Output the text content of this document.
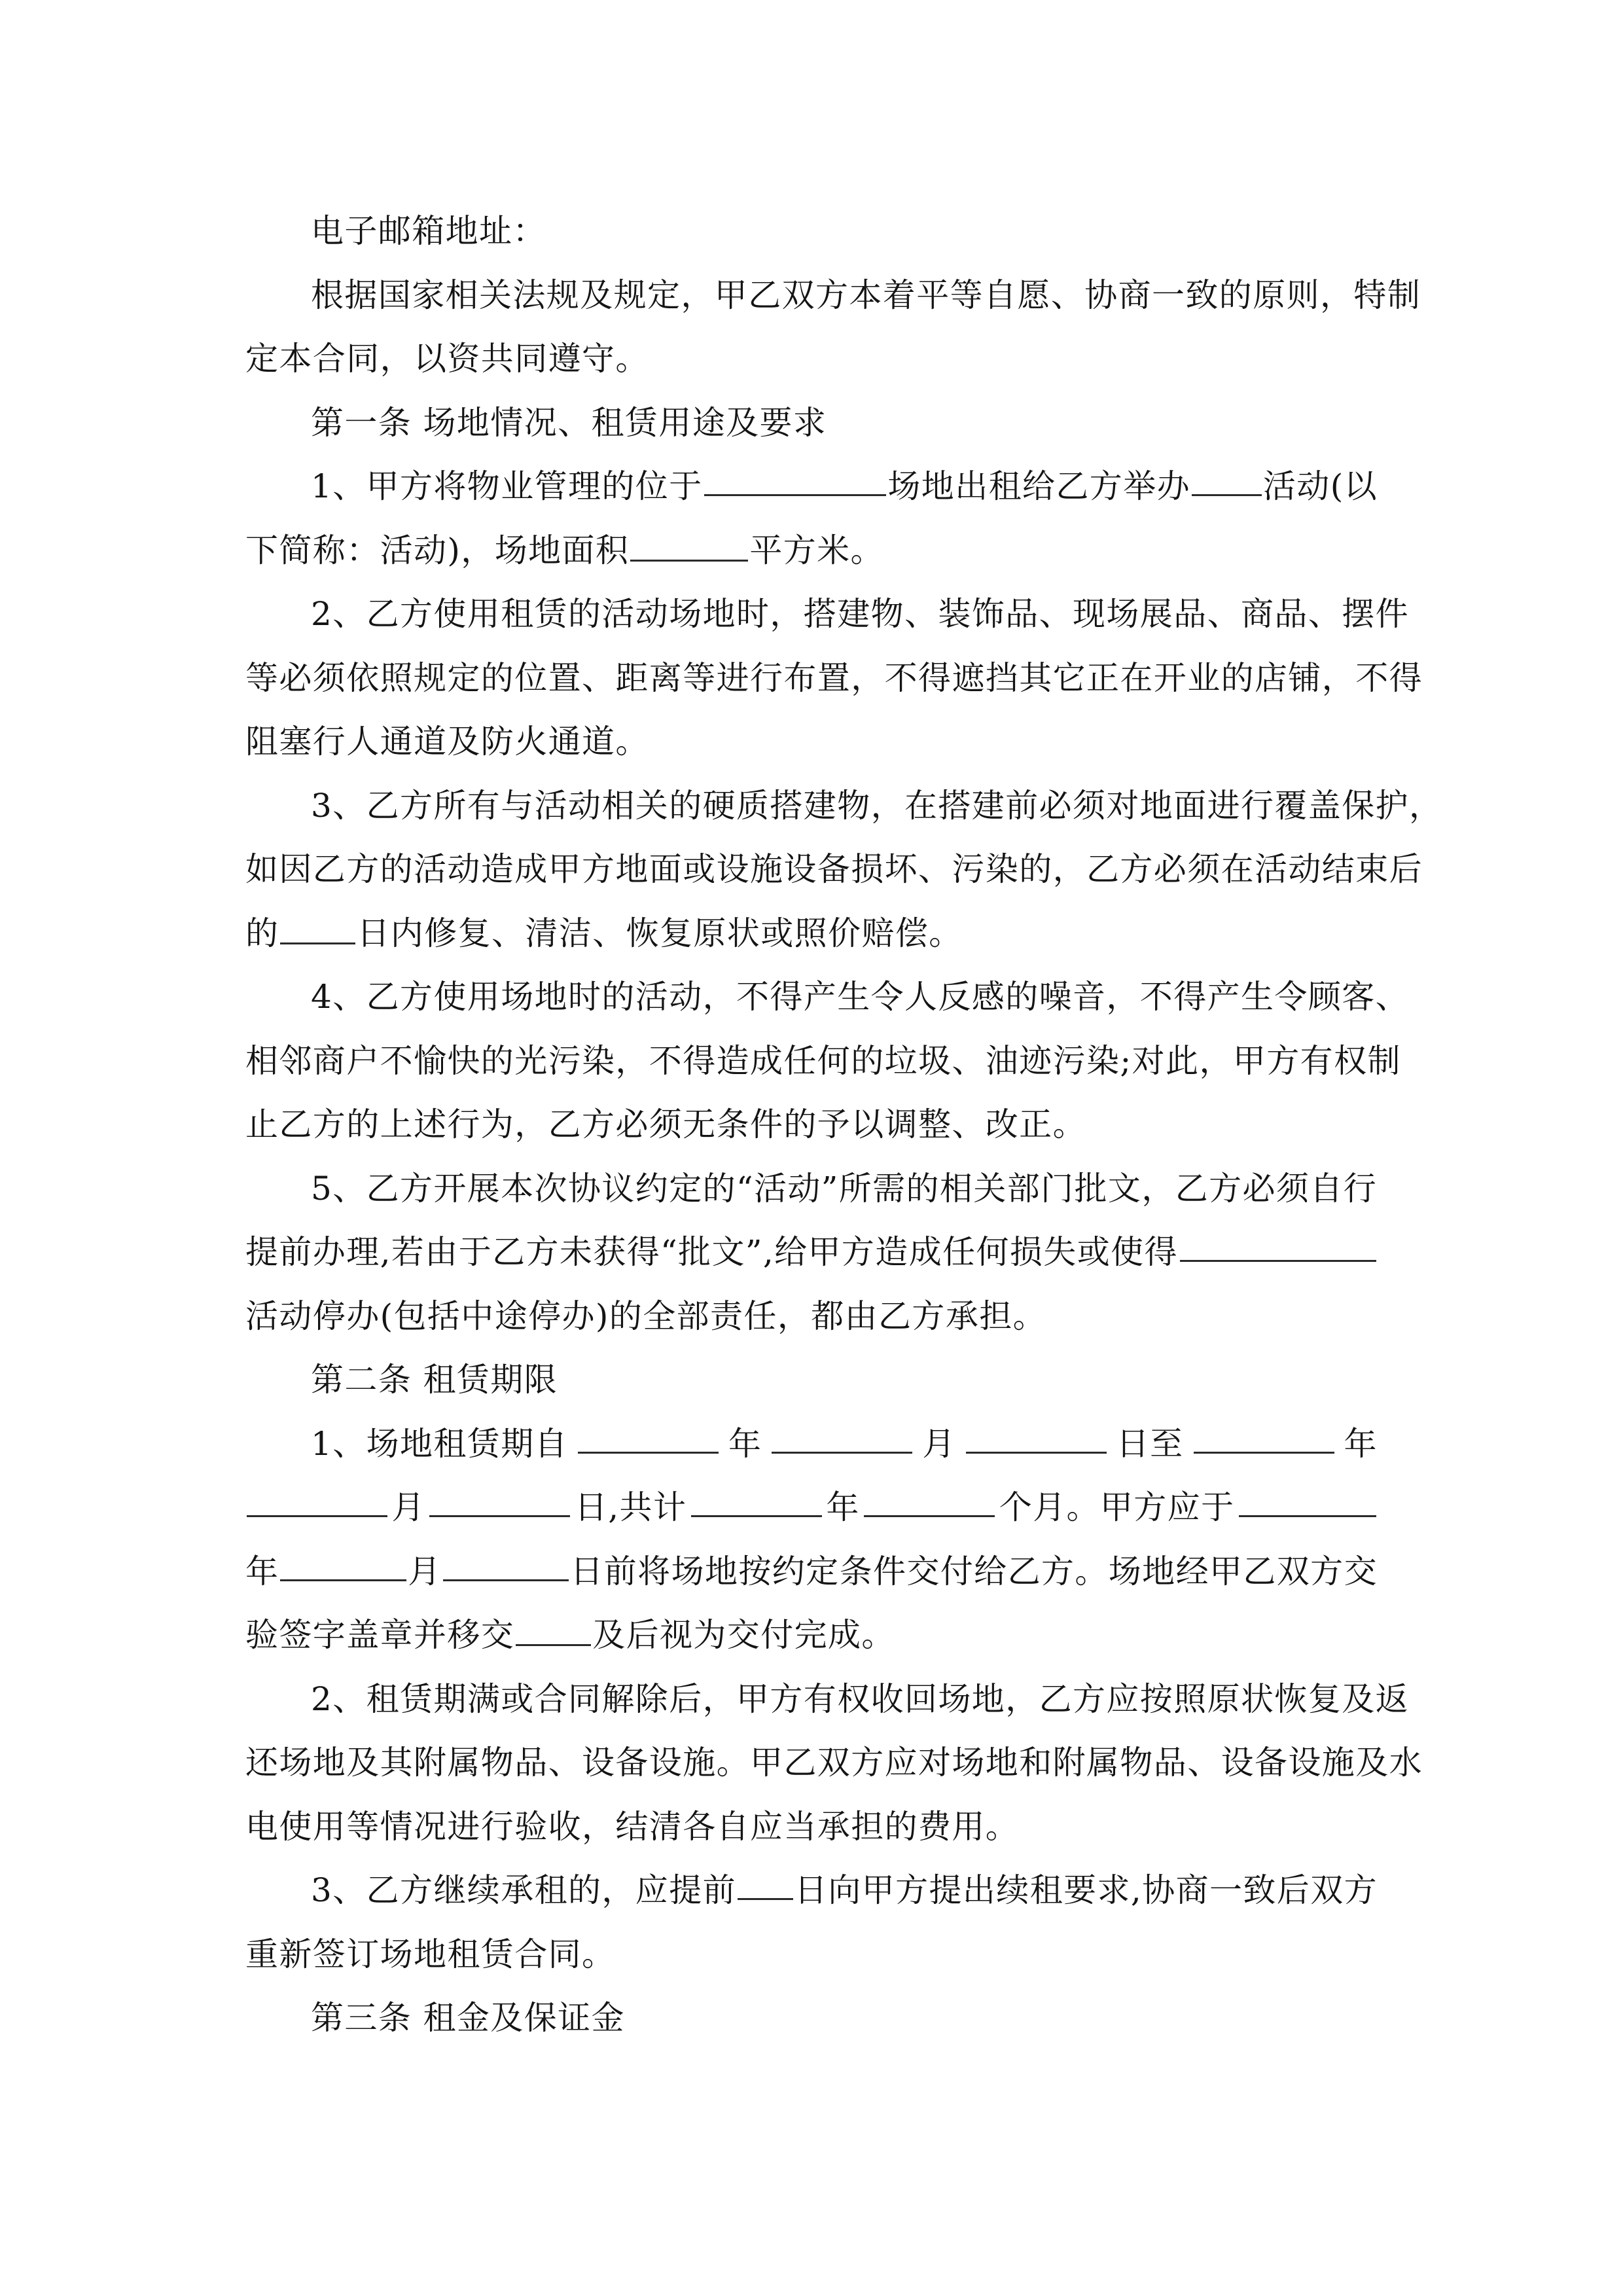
电子邮箱地址：
根据国家相关法规及规定，甲乙双方本着平等自愿、协商一致的原则，特制
定本合同，以资共同遵守。
第一条 场地情况、租赁用途及要求
1、甲方将物业管理的位于	场地出租给乙方举办 活动(以
下简称：活动)，场地面积	平方米。
2、乙方使用租赁的活动场地时，搭建物、装饰品、现场展品、商品、摆件
等必须依照规定的位置、距离等进行布置，不得遮挡其它正在开业的店铺，不得
阻塞行人通道及防火通道。
3、乙方所有与活动相关的硬质搭建物，在搭建前必须对地面进行覆盖保护，
如因乙方的活动造成甲方地面或设施设备损坏、污染的，乙方必须在活动结束后
的 日内修复、清洁、恢复原状或照价赔偿。
4、乙方使用场地时的活动，不得产生令人反感的噪音，不得产生令顾客、
相邻商户不愉快的光污染，不得造成任何的垃圾、油迹污染;对此，甲方有权制
止乙方的上述行为，乙方必须无条件的予以调整、改正。
5、乙方开展本次协议约定的“活动”所需的相关部门批文，乙方必须自行
提前办理,若由于乙方未获得“批文”,给甲方造成任何损失或使得
活动停办(包括中途停办)的全部责任，都由乙方承担。
第二条 租赁期限
1、场地租赁期自	年	月	日至	年
月	日,共计	年	个月。甲方应于
年	月	日前将场地按约定条件交付给乙方。场地经甲乙双方交
验签字盖章并移交 及后视为交付完成。
2、租赁期满或合同解除后，甲方有权收回场地，乙方应按照原状恢复及返
还场地及其附属物品、设备设施。甲乙双方应对场地和附属物品、设备设施及水
电使用等情况进行验收，结清各自应当承担的费用。
3、乙方继续承租的，应提前 日向甲方提出续租要求,协商一致后双方
重新签订场地租赁合同。
第三条 租金及保证金
